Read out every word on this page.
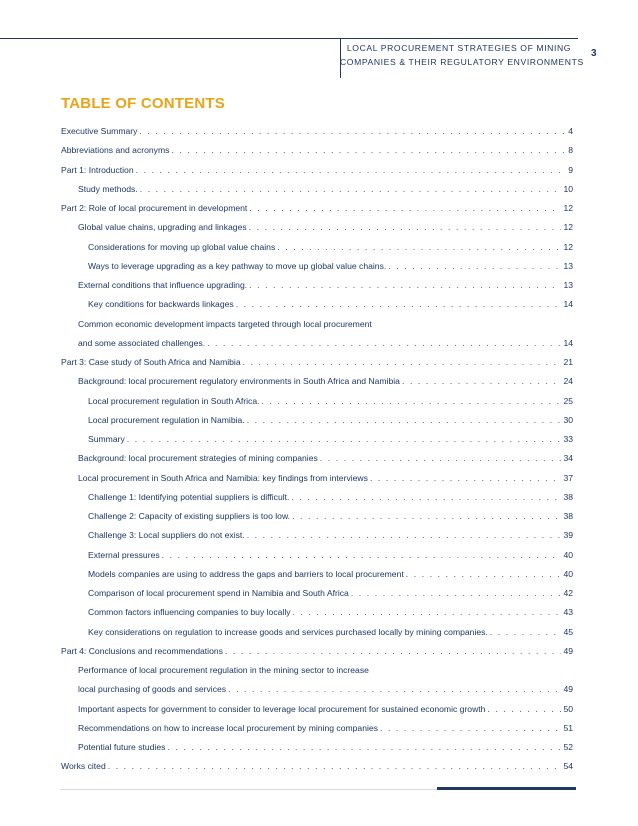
LOCAL PROCUREMENT STRATEGIES OF MINING
COMPANIES & THEIR REGULATORY ENVIRONMENTS
3
TABLE OF CONTENTS
Executive Summary . . .	4
Abbreviations and acronyms . . .	8
Part 1: Introduction . . .	9
Study methods. . . .	10
Part 2: Role of local procurement in development . . .	12
Global value chains, upgrading and linkages . . .	12
Considerations for moving up global value chains . . .	12
Ways to leverage upgrading as a key pathway to move up global value chains. . . .	13
External conditions that influence upgrading. . . .	13
Key conditions for backwards linkages . . .	14
Common economic development impacts targeted through local procurement
and some associated challenges. . . .	14
Part 3: Case study of South Africa and Namibia . . .	21
Background: local procurement regulatory environments in South Africa and Namibia . . .	24
Local procurement regulation in South Africa. . . .	25
Local procurement regulation in Namibia. . . .	30
Summary . . .	33
Background: local procurement strategies of mining companies . . .	34
Local procurement in South Africa and Namibia: key findings from interviews . . .	37
Challenge 1: Identifying potential suppliers is difficult. . . .	38
Challenge 2: Capacity of existing suppliers is too low. . . .	38
Challenge 3: Local suppliers do not exist. . . .	39
External pressures . . .	40
Models companies are using to address the gaps and barriers to local procurement . . .	40
Comparison of local procurement spend in Namibia and South Africa . . .	42
Common factors influencing companies to buy locally . . .	43
Key considerations on regulation to increase goods and services purchased locally by mining companies. . . .	45
Part 4: Conclusions and recommendations . . .	49
Performance of local procurement regulation in the mining sector to increase
local purchasing of goods and services . . .	49
Important aspects for government to consider to leverage local procurement for sustained economic growth . . .	50
Recommendations on how to increase local procurement by mining companies . . .	51
Potential future studies . . .	52
Works cited . . .	54
